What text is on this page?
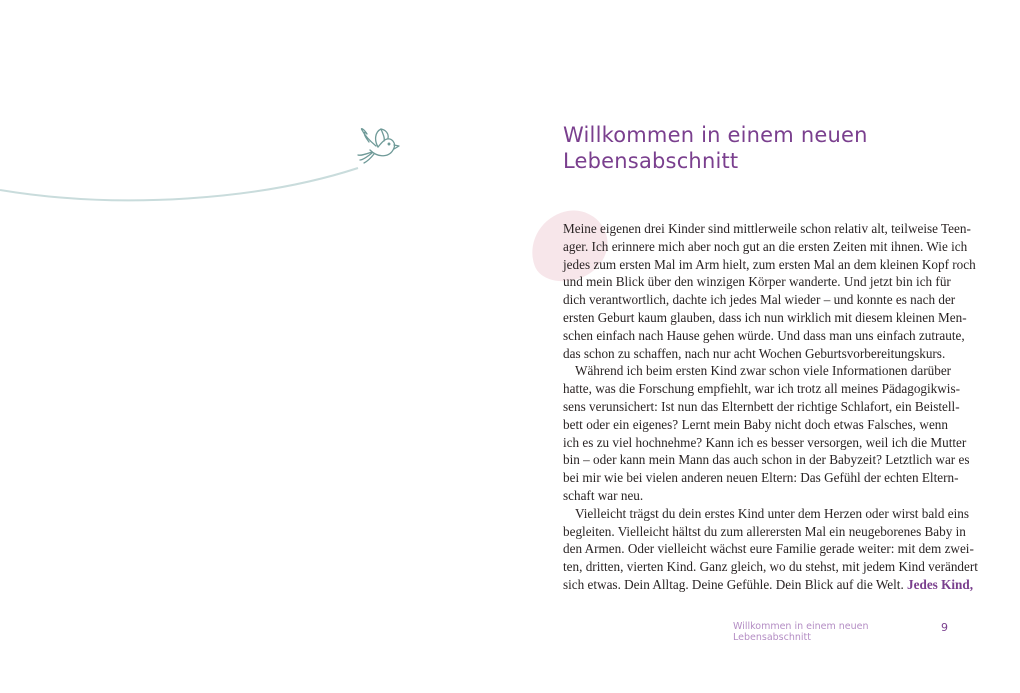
Willkommen in einem neuen
Lebensabschnitt
Meine eigenen drei Kinder sind mittlerweile schon relativ alt, teilweise Teen-
ager. Ich erinnere mich aber noch gut an die ersten Zeiten mit ihnen. Wie ich
jedes zum ersten Mal im Arm hielt, zum ersten Mal an dem kleinen Kopf roch
und mein Blick über den winzigen Körper wanderte. Und jetzt bin ich für
dich verantwortlich, dachte ich jedes Mal wieder – und konnte es nach der
ersten Geburt kaum glauben, dass ich nun wirklich mit diesem kleinen Men-
schen einfach nach Hause gehen würde. Und dass man uns einfach zutraute,
das schon zu schaffen, nach nur acht Wochen Geburtsvorbereitungskurs.
Während ich beim ersten Kind zwar schon viele Informationen darüber
hatte, was die Forschung empfiehlt, war ich trotz all meines Pädagogikwis-
sens verunsichert: Ist nun das Elternbett der richtige Schlafort, ein Beistell-
bett oder ein eigenes? Lernt mein Baby nicht doch etwas Falsches, wenn
ich es zu viel hochnehme? Kann ich es besser versorgen, weil ich die Mutter
bin – oder kann mein Mann das auch schon in der Babyzeit? Letztlich war es
bei mir wie bei vielen anderen neuen Eltern: Das Gefühl der echten Eltern-
schaft war neu.
Vielleicht trägst du dein erstes Kind unter dem Herzen oder wirst bald eins
begleiten. Vielleicht hältst du zum allerersten Mal ein neugeborenes Baby in
den Armen. Oder vielleicht wächst eure Familie gerade weiter: mit dem zwei-
ten, dritten, vierten Kind. Ganz gleich, wo du stehst, mit jedem Kind verändert
sich etwas. Dein Alltag. Deine Gefühle. Dein Blick auf die Welt. Jedes Kind,
Willkommen in einem neuen Lebensabschnitt
9
